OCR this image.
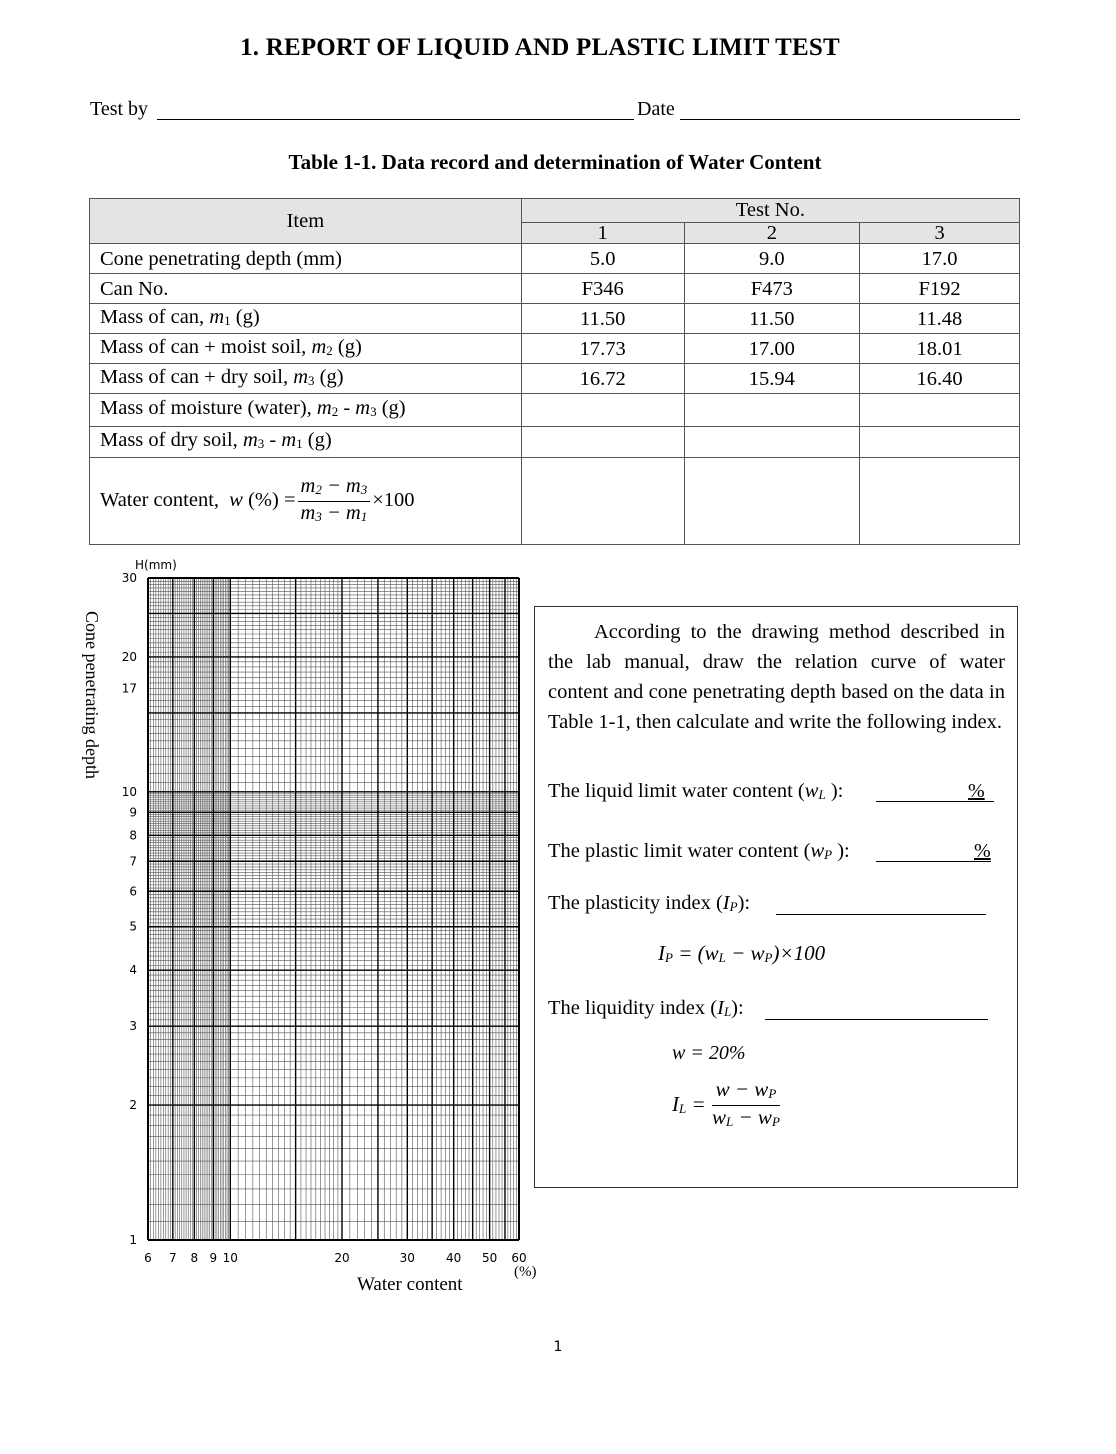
1. REPORT OF LIQUID AND PLASTIC LIMIT TEST
Test by	Date
Table 1-1. Data record and determination of Water Content
Item	Test No.		
	1	2	3
Cone penetrating depth (mm)	5.0	9.0	17.0
Can No.	F346	F473	F192
Mass of can, $m_1$ (g)	11.50	11.50	11.48
Mass of can + moist soil, $m_2$ (g)	17.73	17.00	18.01
Mass of can + dry soil, $m_3$ (g)	16.72	15.94	16.40
Mass of moisture (water), $m_2 - m_3$ (g)			
Mass of dry soil, $m_3 - m_1$ (g)			
Water content, w (%) = $\frac{m_2 - m_3}{m_3 - m_1} \times 100$			
30
20
17
10
9
8
7
6
5
4
3
2
1
6 7 8 9 10	20	30	40 50 60
H(mm)
Cone penetrating depth
Water content
(%)
According to the drawing method described in the lab manual, draw the relation curve of water content and cone penetrating depth based on the data in Table 1-1, then calculate and write the following index.
The liquid limit water content ($w_L$ ):	%
The plastic limit water content ($w_P$ ):	%
The plasticity index $(I_P)$:
$I_P = (w_L - w_P)\times 100$
The liquidity index $(I_L)$:
w = 20%
$I_L = \frac{w - w_P}{w_L - w_P}$
1
